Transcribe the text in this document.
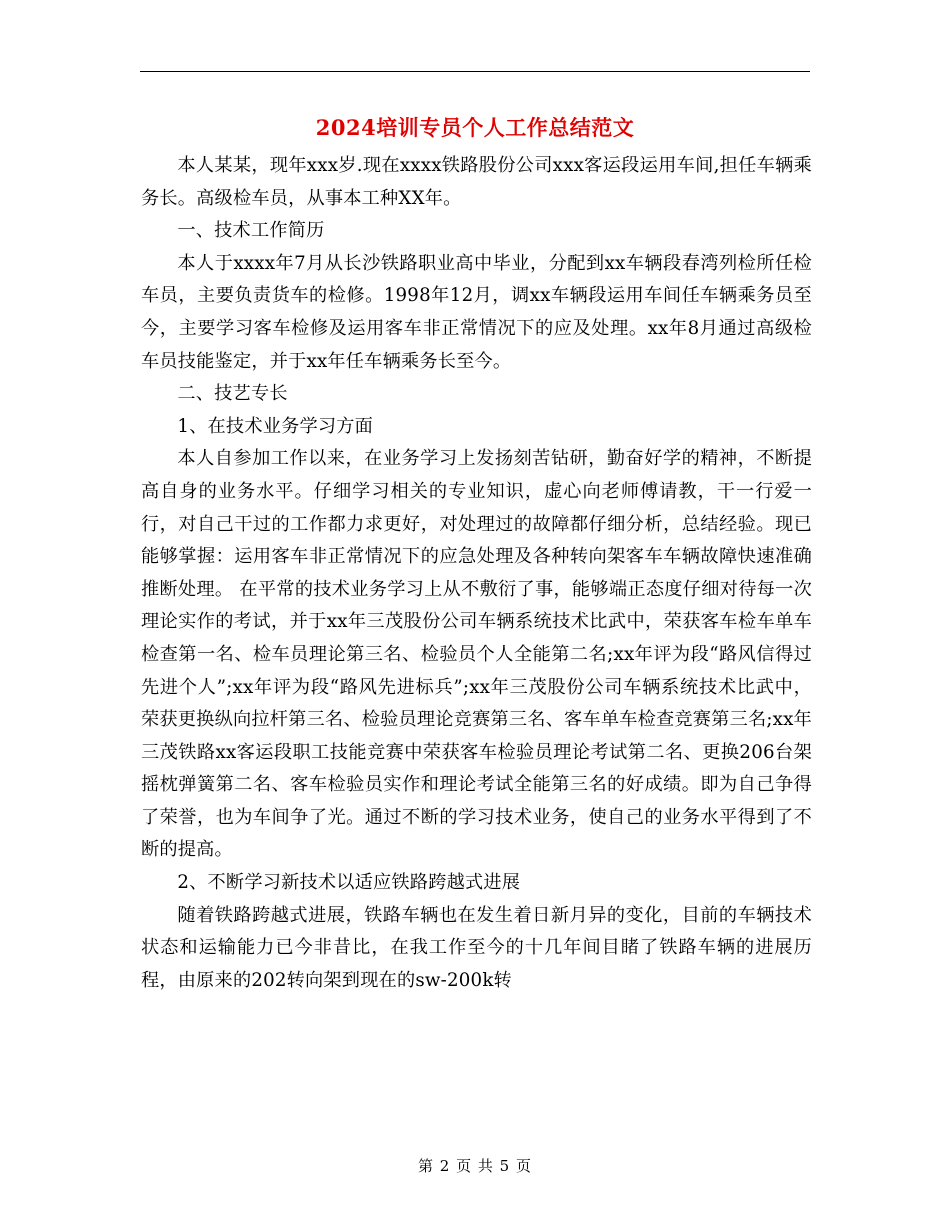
2024培训专员个人工作总结范文

本人某某，现年xxx岁.现在xxxx铁路股份公司xxx客运段运用车间,担任车辆乘务长。高级检车员，从事本工种XX年。

一、技术工作简历

本人于xxxx年7月从长沙铁路职业高中毕业，分配到xx车辆段春湾列检所任检车员，主要负责货车的检修。1998年12月，调xx车辆段运用车间任车辆乘务员至今，主要学习客车检修及运用客车非正常情况下的应及处理。xx年8月通过高级检车员技能鉴定，并于xx年任车辆乘务长至今。

二、技艺专长

1、在技术业务学习方面

本人自参加工作以来，在业务学习上发扬刻苦钻研，勤奋好学的精神，不断提高自身的业务水平。仔细学习相关的专业知识，虚心向老师傅请教，干一行爱一行，对自己干过的工作都力求更好，对处理过的故障都仔细分析，总结经验。现已能够掌握：运用客车非正常情况下的应急处理及各种转向架客车车辆故障快速准确推断处理。 在平常的技术业务学习上从不敷衍了事，能够端正态度仔细对待每一次理论实作的考试，并于xx年三茂股份公司车辆系统技术比武中，荣获客车检车单车检查第一名、检车员理论第三名、检验员个人全能第二名;xx年评为段“路风信得过先进个人”;xx年评为段“路风先进标兵”;xx年三茂股份公司车辆系统技术比武中，荣获更换纵向拉杆第三名、检验员理论竞赛第三名、客车单车检查竞赛第三名;xx年三茂铁路xx客运段职工技能竞赛中荣获客车检验员理论考试第二名、更换206台架摇枕弹簧第二名、客车检验员实作和理论考试全能第三名的好成绩。即为自己争得了荣誉，也为车间争了光。通过不断的学习技术业务，使自己的业务水平得到了不断的提高。

2、不断学习新技术以适应铁路跨越式进展

随着铁路跨越式进展，铁路车辆也在发生着日新月异的变化，目前的车辆技术状态和运输能力已今非昔比，在我工作至今的十几年间目睹了铁路车辆的进展历程，由原来的202转向架到现在的sw-200k转

第 2 页 共 5 页
